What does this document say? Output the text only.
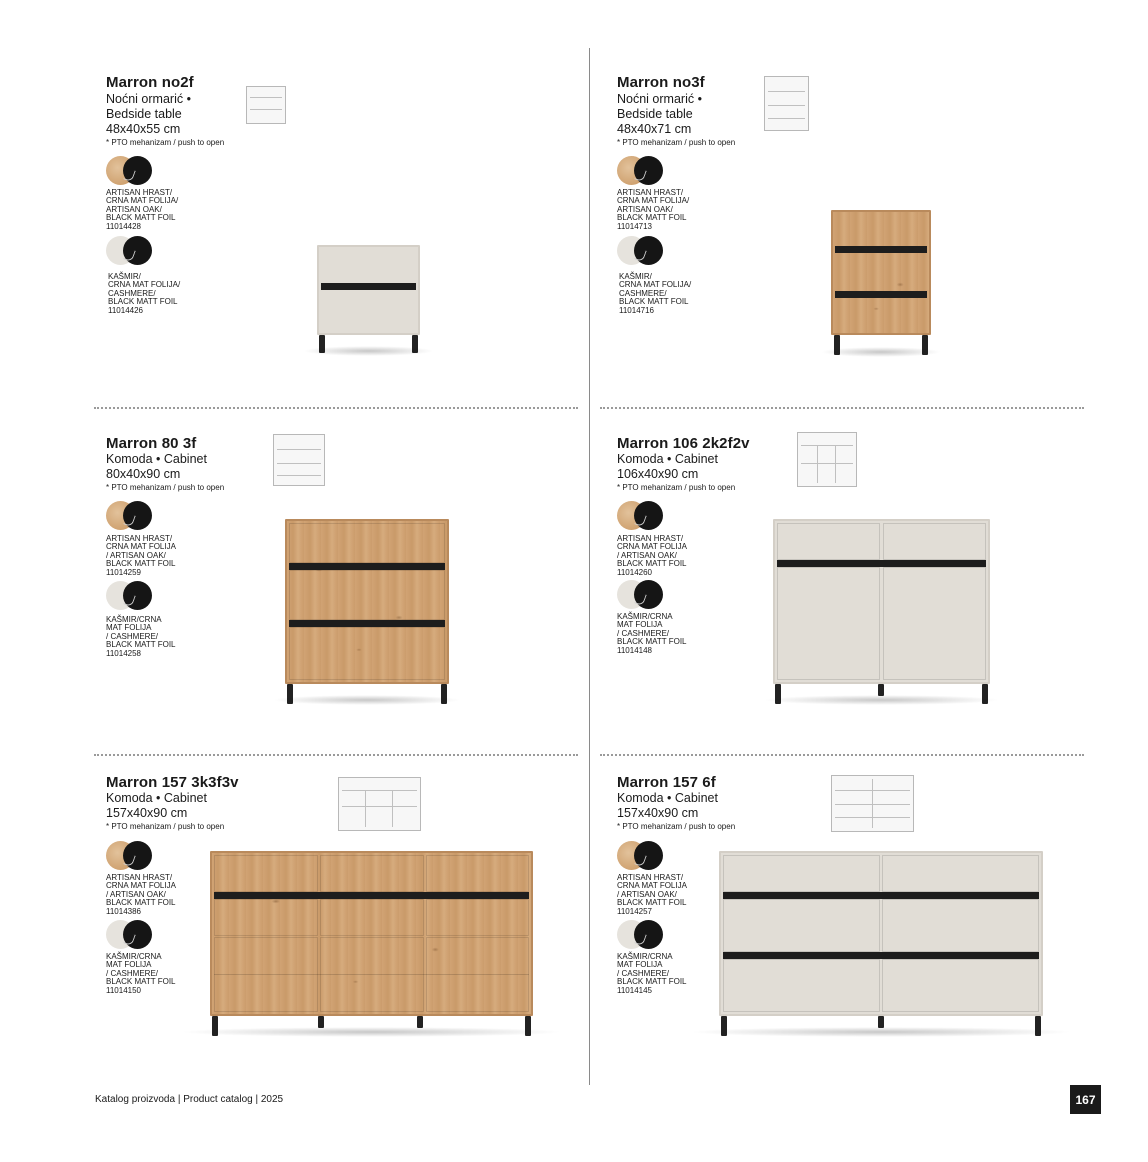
Marron no2f
Noćni ormarić •
Bedside table
48x40x55 cm
* PTO mehanizam / push to open
ARTISAN HRAST/
CRNA MAT FOLIJA/
ARTISAN OAK/
BLACK MATT FOIL
11014428
KAŠMIR/
CRNA MAT FOLIJA/
CASHMERE/
BLACK MATT FOIL
11014426
Marron no3f
Noćni ormarić •
Bedside table
48x40x71 cm
* PTO mehanizam / push to open
ARTISAN HRAST/
CRNA MAT FOLIJA/
ARTISAN OAK/
BLACK MATT FOIL
11014713
KAŠMIR/
CRNA MAT FOLIJA/
CASHMERE/
BLACK MATT FOIL
11014716
Marron 80 3f
Komoda • Cabinet
80x40x90 cm
* PTO mehanizam / push to open
ARTISAN HRAST/
CRNA MAT FOLIJA
/ ARTISAN OAK/
BLACK MATT FOIL
11014259
KAŠMIR/CRNA
MAT FOLIJA
/ CASHMERE/
BLACK MATT FOIL
11014258
Marron 106 2k2f2v
Komoda • Cabinet
106x40x90 cm
* PTO mehanizam / push to open
ARTISAN HRAST/
CRNA MAT FOLIJA
/ ARTISAN OAK/
BLACK MATT FOIL
11014260
KAŠMIR/CRNA
MAT FOLIJA
/ CASHMERE/
BLACK MATT FOIL
11014148
Marron 157 3k3f3v
Komoda • Cabinet
157x40x90 cm
* PTO mehanizam / push to open
ARTISAN HRAST/
CRNA MAT FOLIJA
/ ARTISAN OAK/
BLACK MATT FOIL
11014386
KAŠMIR/CRNA
MAT FOLIJA
/ CASHMERE/
BLACK MATT FOIL
11014150
Marron 157 6f
Komoda • Cabinet
157x40x90 cm
* PTO mehanizam / push to open
ARTISAN HRAST/
CRNA MAT FOLIJA
/ ARTISAN OAK/
BLACK MATT FOIL
11014257
KAŠMIR/CRNA
MAT FOLIJA
/ CASHMERE/
BLACK MATT FOIL
11014145
Katalog proizvoda | Product catalog | 2025	167
